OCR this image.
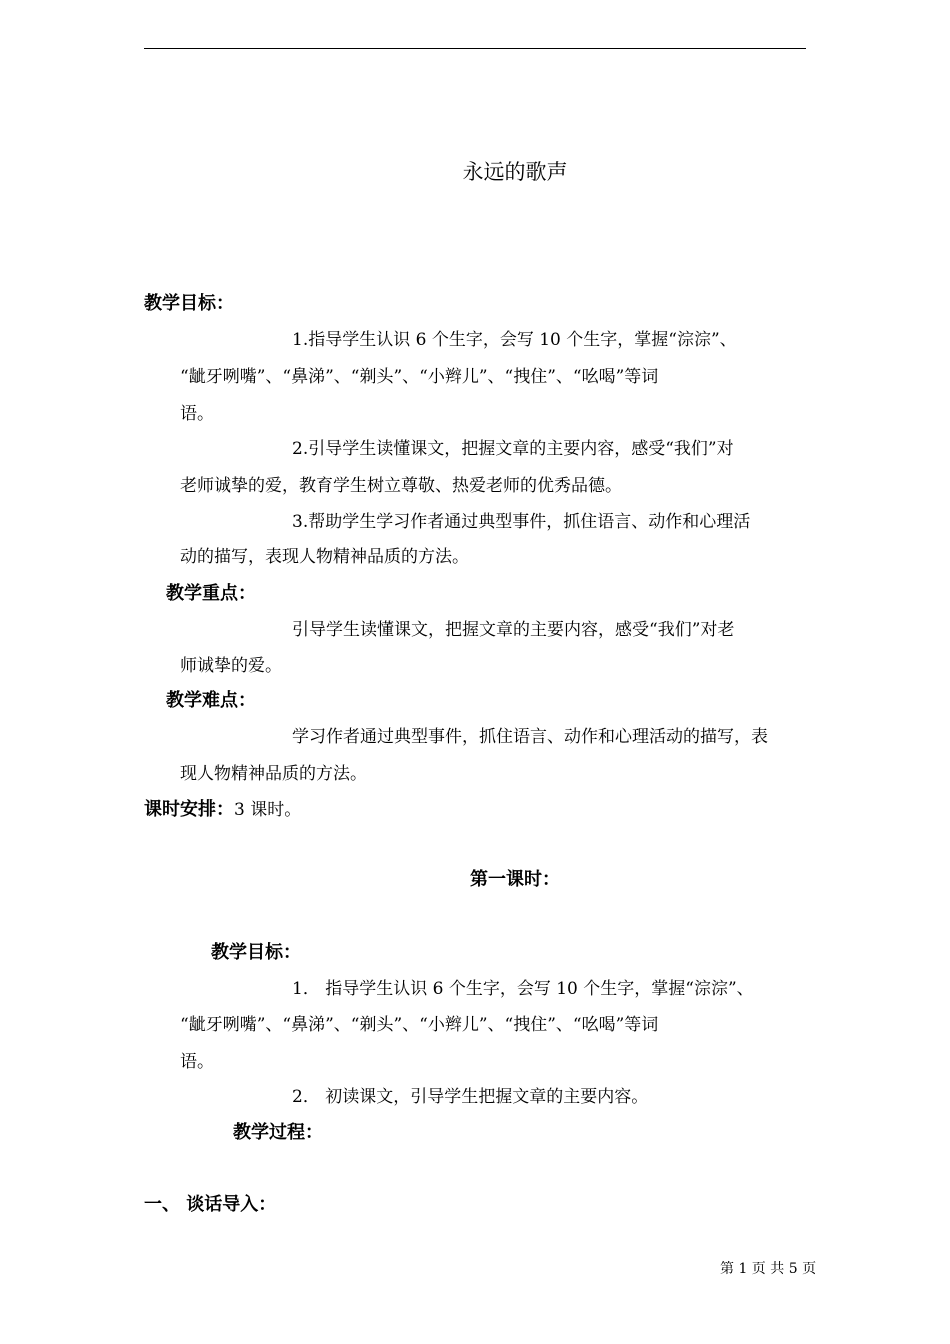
永远的歌声
教学目标：
1.指导学生认识 6 个生字，会写 10 个生字，掌握“淙淙”、
“龇牙咧嘴”、“鼻涕”、“剃头”、“小辫儿”、“拽住”、“吆喝”等词
语。
2.引导学生读懂课文，把握文章的主要内容，感受“我们”对
老师诚挚的爱，教育学生树立尊敬、热爱老师的优秀品德。
3.帮助学生学习作者通过典型事件，抓住语言、动作和心理活
动的描写，表现人物精神品质的方法。
教学重点：
引导学生读懂课文，把握文章的主要内容，感受“我们”对老
师诚挚的爱。
教学难点：
学习作者通过典型事件，抓住语言、动作和心理活动的描写，表
现人物精神品质的方法。
课时安排：3 课时。
第一课时：
教学目标：
1． 指导学生认识 6 个生字，会写 10 个生字，掌握“淙淙”、
“龇牙咧嘴”、“鼻涕”、“剃头”、“小辫儿”、“拽住”、“吆喝”等词
语。
2． 初读课文，引导学生把握文章的主要内容。
教学过程：
一、 谈话导入：
第 1 页 共 5 页
